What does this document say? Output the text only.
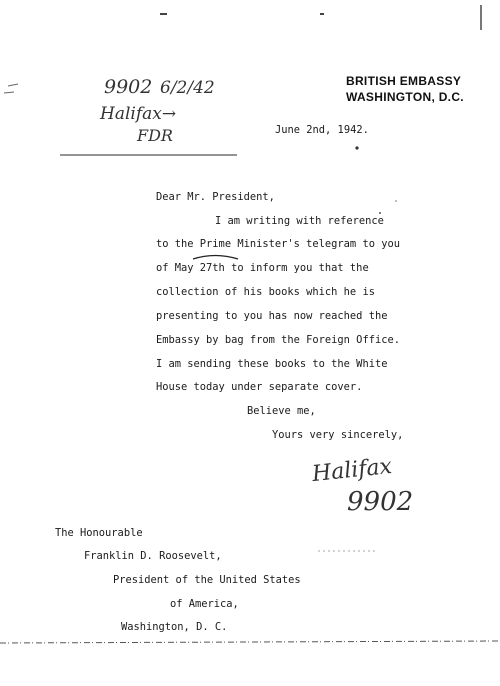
9902 6/2/42
Halifax→
FDR
BRITISH EMBASSY
WASHINGTON, D.C.
June 2nd, 1942.
Dear Mr. President,
I am writing with reference
to the Prime Minister's telegram to you
of May 27th to inform you that the
collection of his books which he is
presenting to you has now reached the
Embassy by bag from the Foreign Office.
I am sending these books to the White
House today under separate cover.
Believe me,
Yours very sincerely,
Halifax
9902
The Honourable
Franklin D. Roosevelt,
President of the United States
of America,
Washington, D. C.
